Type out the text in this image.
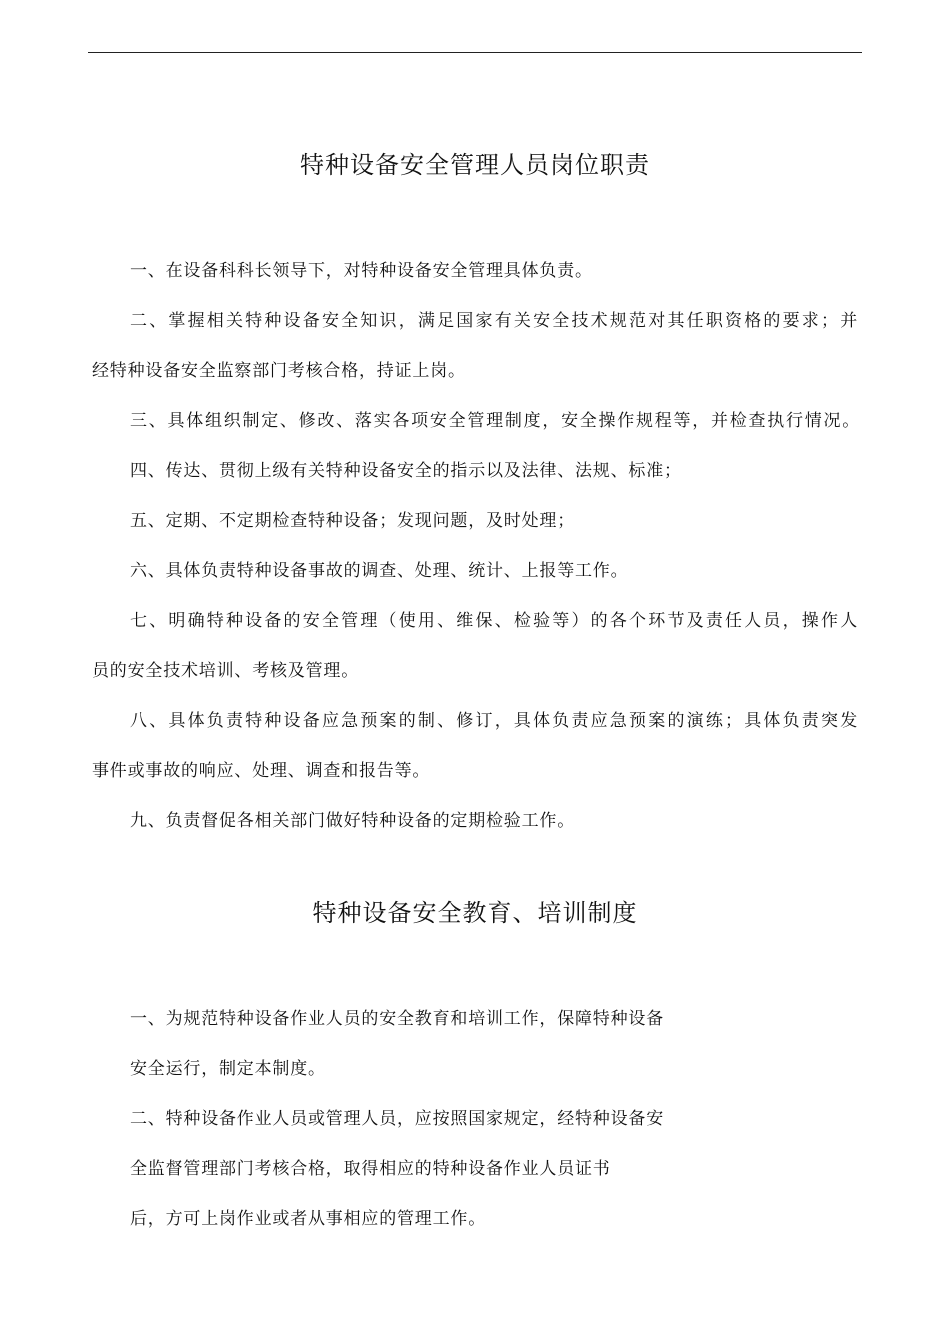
特种设备安全管理人员岗位职责
一、在设备科科长领导下，对特种设备安全管理具体负责。
二、掌握相关特种设备安全知识，满足国家有关安全技术规范对其任职资格的要求；并
经特种设备安全监察部门考核合格，持证上岗。
三、具体组织制定、修改、落实各项安全管理制度，安全操作规程等，并检查执行情况。
四、传达、贯彻上级有关特种设备安全的指示以及法律、法规、标准；
五、定期、不定期检查特种设备；发现问题，及时处理；
六、具体负责特种设备事故的调查、处理、统计、上报等工作。
七、明确特种设备的安全管理（使用、维保、检验等）的各个环节及责任人员，操作人
员的安全技术培训、考核及管理。
八、具体负责特种设备应急预案的制、修订，具体负责应急预案的演练；具体负责突发
事件或事故的响应、处理、调查和报告等。
九、负责督促各相关部门做好特种设备的定期检验工作。
特种设备安全教育、培训制度
一、为规范特种设备作业人员的安全教育和培训工作，保障特种设备
安全运行，制定本制度。
二、特种设备作业人员或管理人员，应按照国家规定，经特种设备安
全监督管理部门考核合格，取得相应的特种设备作业人员证书
后，方可上岗作业或者从事相应的管理工作。
